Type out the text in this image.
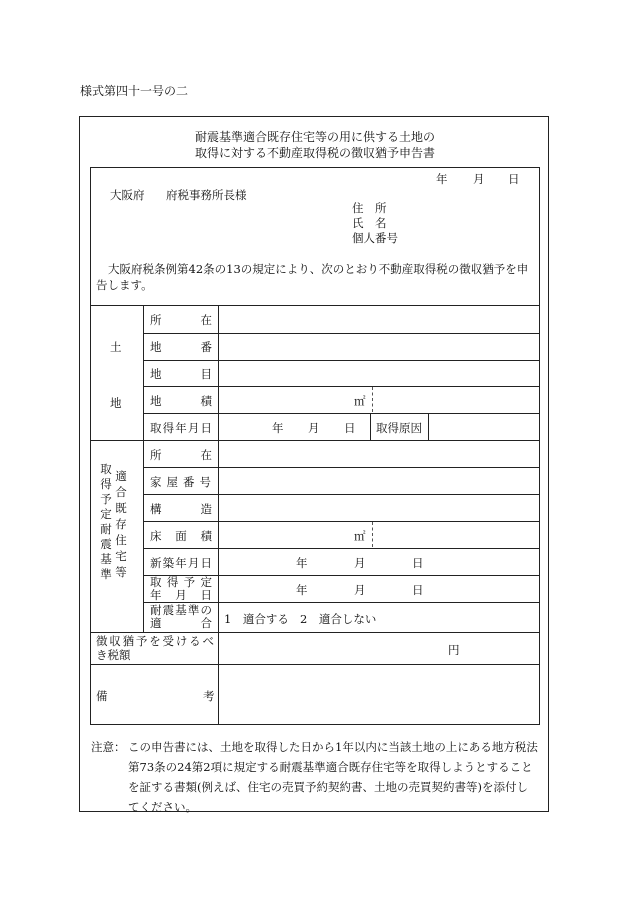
様式第四十一号の二
耐震基準適合既存住宅等の用に供する土地の
取得に対する不動産取得税の徴収猶予申告書
年 月 日
大阪府 府税事務所長様
住　所
氏　名
個人番号
大阪府税条例第42条の13の規定により、次のとおり不動産取得税の徴収猶予を申告します。
土
地
所　在
地　番
地　目
地　積	㎡
取得年月日	年 月 日 取得原因
取
得
予
定
耐
震
基
準
適
合
既
存
住
宅
等
所　在
家屋番号
構　造
床面積	㎡
新築年月日	年	月	日
取得予定
年月日	年	月	日
耐震基準の
適　合 1　適合する 2　適合しない
徴収猶予を受けるべ
き税額	円
備	考
注意： この申告書には、土地を取得した日から1年以内に当該土地の上にある地方税法
第73条の24第2項に規定する耐震基準適合既存住宅等を取得しようとすること
を証する書類(例えば、住宅の売買予約契約書、土地の売買契約書等)を添付し
てください。
